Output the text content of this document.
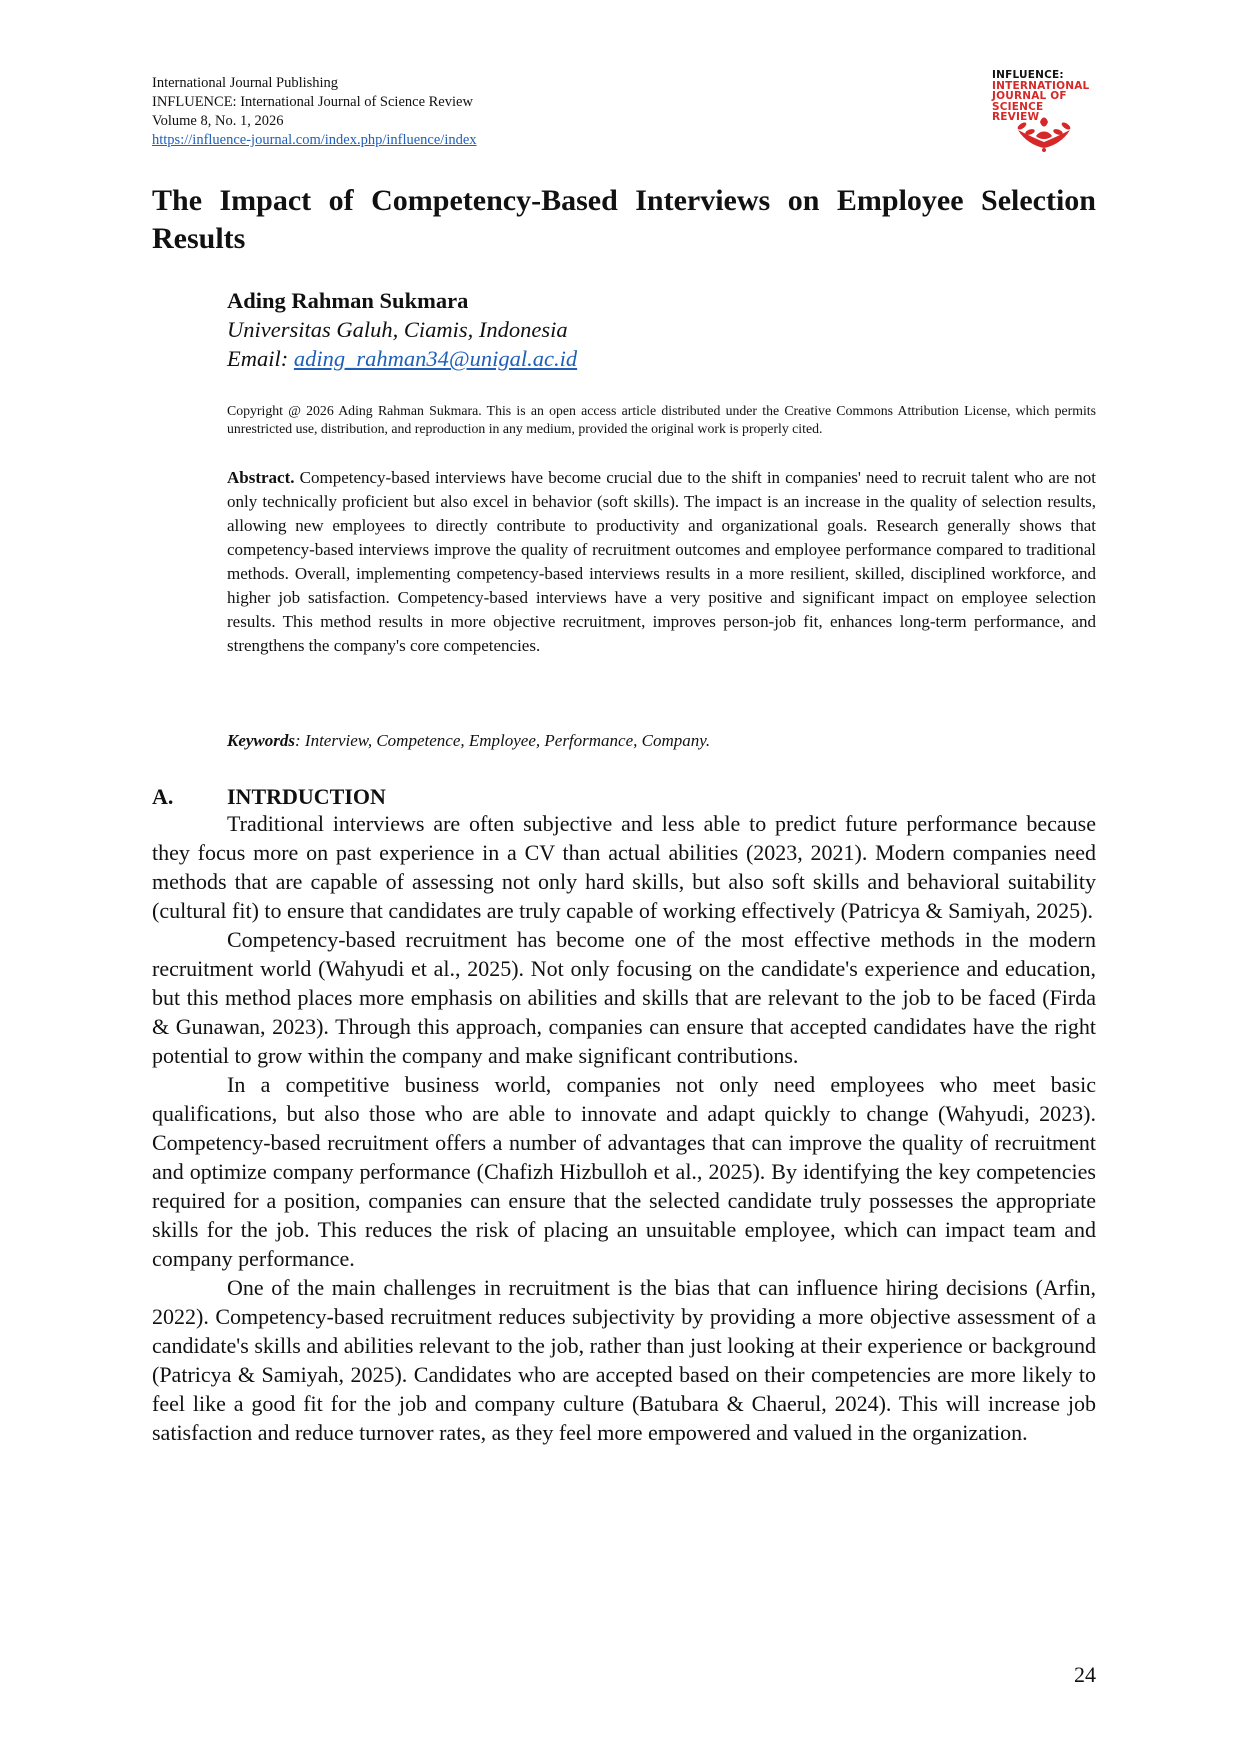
International Journal Publishing
INFLUENCE: International Journal of Science Review
Volume 8, No. 1, 2026
https://influence-journal.com/index.php/influence/index
INFLUENCE:
INTERNATIONAL
JOURNAL OF SCIENCE
REVIEW
The Impact of Competency-Based Interviews on Employee Selection Results
Ading Rahman Sukmara
Universitas Galuh, Ciamis, Indonesia
Email: ading_rahman34@unigal.ac.id
Copyright @ 2026 Ading Rahman Sukmara. This is an open access article distributed under the Creative Commons Attribution License, which permits unrestricted use, distribution, and reproduction in any medium, provided the original work is properly cited.
Abstract. Competency-based interviews have become crucial due to the shift in companies' need to recruit talent who are not only technically proficient but also excel in behavior (soft skills). The impact is an increase in the quality of selection results, allowing new employees to directly contribute to productivity and organizational goals. Research generally shows that competency-based interviews improve the quality of recruitment outcomes and employee performance compared to traditional methods. Overall, implementing competency-based interviews results in a more resilient, skilled, disciplined workforce, and higher job satisfaction. Competency-based interviews have a very positive and significant impact on employee selection results. This method results in more objective recruitment, improves person-job fit, enhances long-term performance, and strengthens the company's core competencies.
Keywords: Interview, Competence, Employee, Performance, Company.
A. INTRDUCTION

Traditional interviews are often subjective and less able to predict future performance because they focus more on past experience in a CV than actual abilities (2023, 2021). Modern companies need methods that are capable of assessing not only hard skills, but also soft skills and behavioral suitability (cultural fit) to ensure that candidates are truly capable of working effectively (Patricya & Samiyah, 2025).

Competency-based recruitment has become one of the most effective methods in the modern recruitment world (Wahyudi et al., 2025). Not only focusing on the candidate's experience and education, but this method places more emphasis on abilities and skills that are relevant to the job to be faced (Firda & Gunawan, 2023). Through this approach, companies can ensure that accepted candidates have the right potential to grow within the company and make significant contributions.

In a competitive business world, companies not only need employees who meet basic qualifications, but also those who are able to innovate and adapt quickly to change (Wahyudi, 2023). Competency-based recruitment offers a number of advantages that can improve the quality of recruitment and optimize company performance (Chafizh Hizbulloh et al., 2025). By identifying the key competencies required for a position, companies can ensure that the selected candidate truly possesses the appropriate skills for the job. This reduces the risk of placing an unsuitable employee, which can impact team and company performance.

One of the main challenges in recruitment is the bias that can influence hiring decisions (Arfin, 2022). Competency-based recruitment reduces subjectivity by providing a more objective assessment of a candidate's skills and abilities relevant to the job, rather than just looking at their experience or background (Patricya & Samiyah, 2025). Candidates who are accepted based on their competencies are more likely to feel like a good fit for the job and company culture (Batubara & Chaerul, 2024). This will increase job satisfaction and reduce turnover rates, as they feel more empowered and valued in the organization.

24
